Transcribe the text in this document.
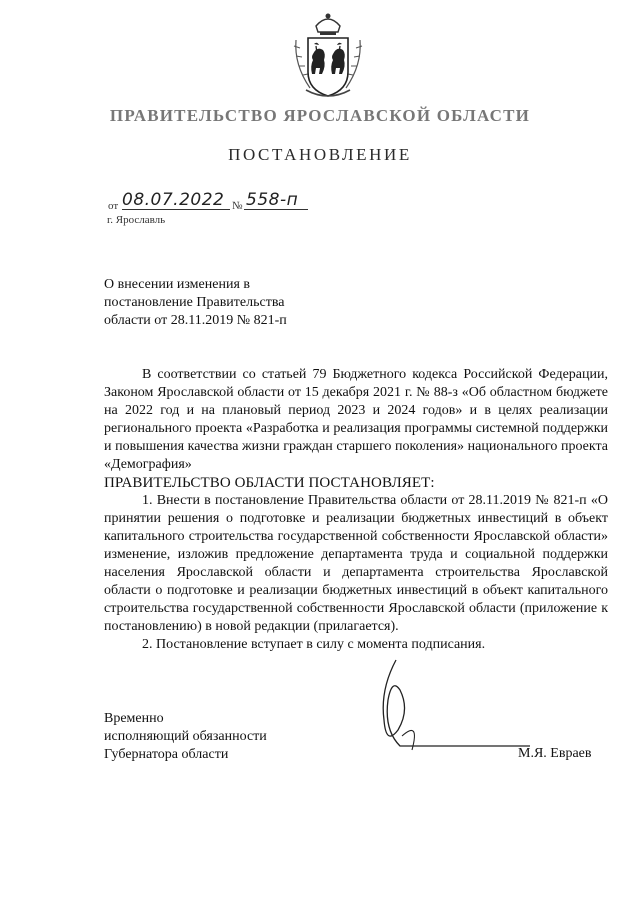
ПРАВИТЕЛЬСТВО ЯРОСЛАВСКОЙ ОБЛАСТИ
ПОСТАНОВЛЕНИЕ
от 08.07.2022 № 558-п
г. Ярославль
О внесении изменения в
постановление Правительства
области от 28.11.2019 № 821-п

В соответствии со статьей 79 Бюджетного кодекса Российской Федерации, Законом Ярославской области от 15 декабря 2021 г. № 88-з «Об областном бюджете на 2022 год и на плановый период 2023 и 2024 годов» и в целях реализации регионального проекта «Разработка и реализация программы системной поддержки и повышения качества жизни граждан старшего поколения» национального проекта «Демография»

ПРАВИТЕЛЬСТВО ОБЛАСТИ ПОСТАНОВЛЯЕТ:

1. Внести в постановление Правительства области от 28.11.2019 № 821-п «О принятии решения о подготовке и реализации бюджетных инвестиций в объект капитального строительства государственной собственности Ярославской области» изменение, изложив предложение департамента труда и социальной поддержки населения Ярославской области и департамента строительства Ярославской области о подготовке и реализации бюджетных инвестиций в объект капитального строительства государственной собственности Ярославской области (приложение к постановлению) в новой редакции (прилагается).

2. Постановление вступает в силу с момента подписания.

Временно
исполняющий обязанности
Губернатора области	М.Я. Евраев
